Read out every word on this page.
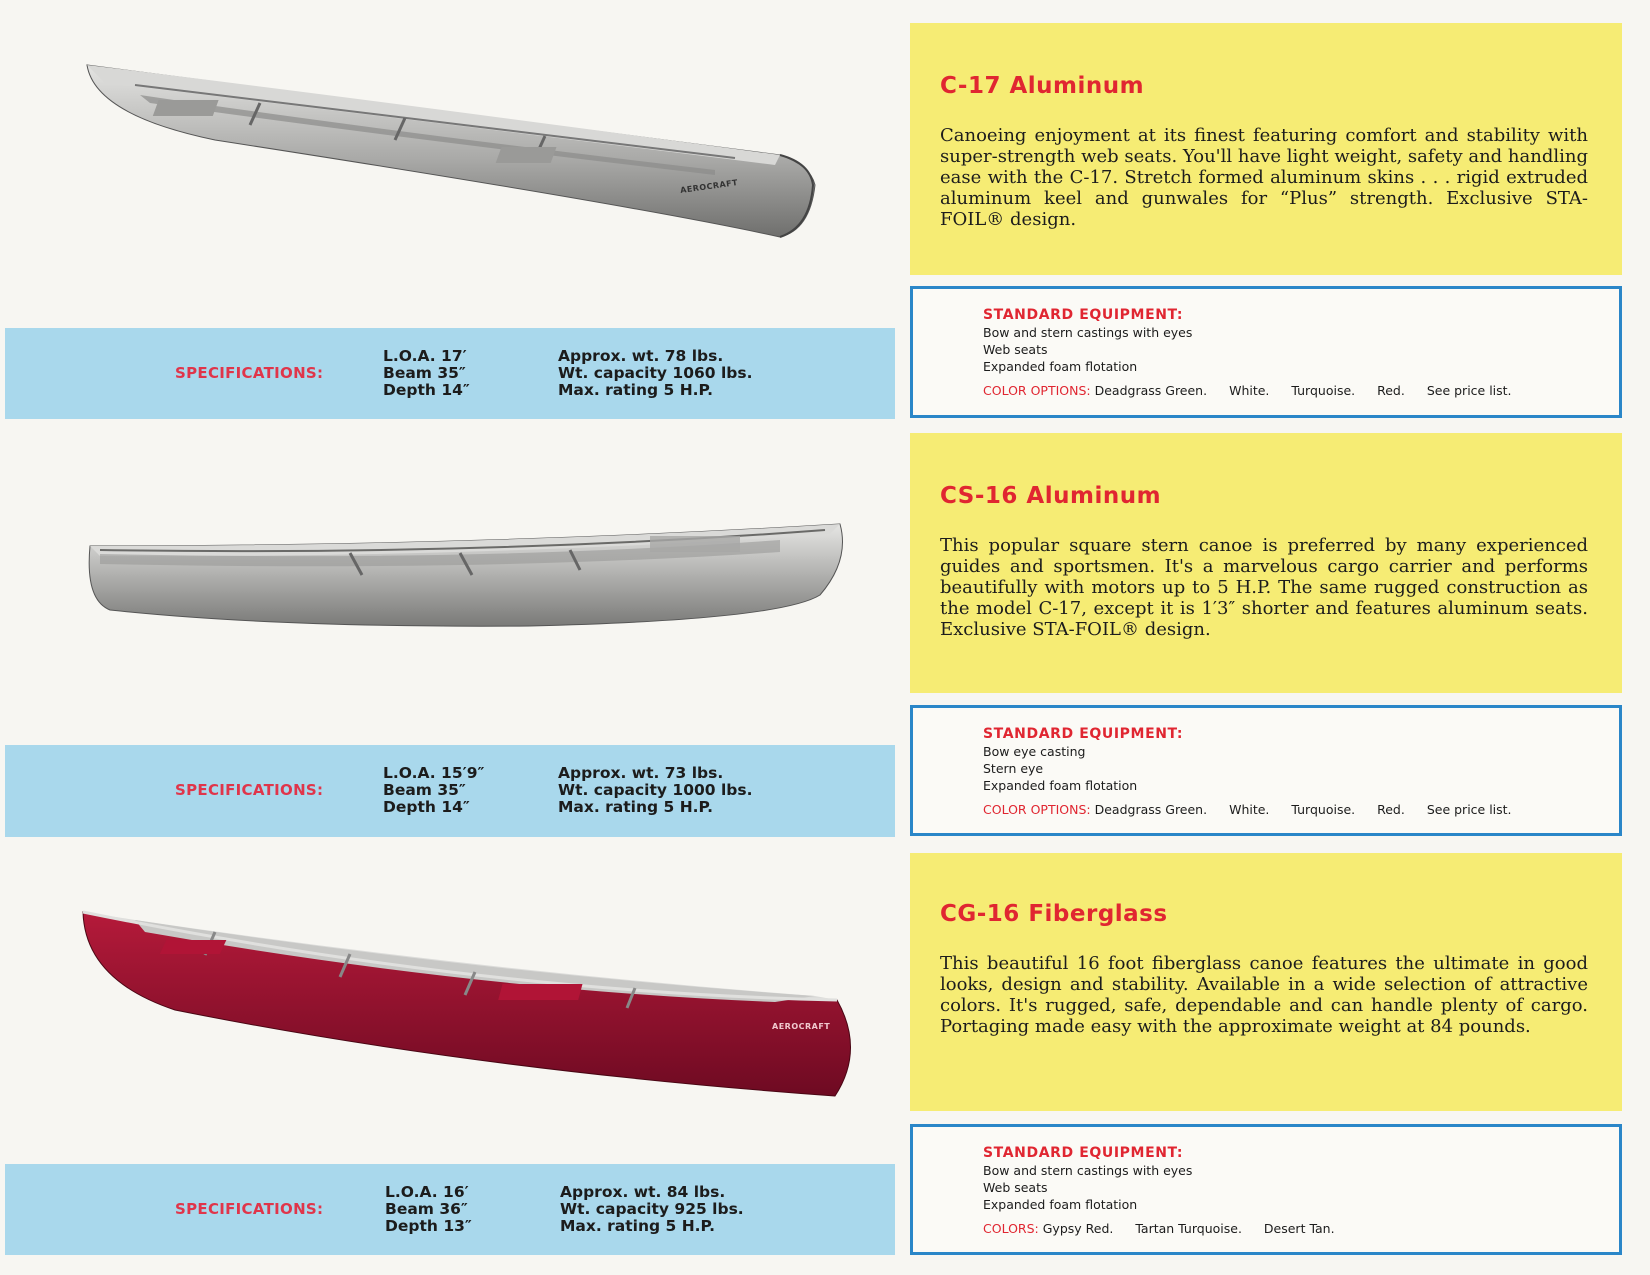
AEROCRAFT
SPECIFICATIONS:
L.O.A. 17′
Beam 35″
Depth 14″
Approx. wt. 78 lbs.
Wt. capacity 1060 lbs.
Max. rating 5 H.P.
C-17 Aluminum
Canoeing enjoyment at its finest featuring comfort and stability with super-strength web seats. You'll have light weight, safety and handling ease with the C-17. Stretch formed aluminum skins . . . rigid extruded aluminum keel and gunwales for “Plus” strength. Exclusive STA-FOIL® design.
STANDARD EQUIPMENT:
Bow and stern castings with eyes
Web seats
Expanded foam flotation
COLOR OPTIONS: Deadgrass Green. White. Turquoise. Red. See price list.
SPECIFICATIONS:
L.O.A. 15′9″
Beam 35″
Depth 14″
Approx. wt. 73 lbs.
Wt. capacity 1000 lbs.
Max. rating 5 H.P.
CS-16 Aluminum
This popular square stern canoe is preferred by many experienced guides and sportsmen. It's a marvelous cargo carrier and performs beautifully with motors up to 5 H.P. The same rugged construction as the model C-17, except it is 1′3″ shorter and features aluminum seats. Exclusive STA-FOIL® design.
STANDARD EQUIPMENT:
Bow eye casting
Stern eye
Expanded foam flotation
COLOR OPTIONS: Deadgrass Green. White. Turquoise. Red. See price list.
AEROCRAFT
SPECIFICATIONS:
L.O.A. 16′
Beam 36″
Depth 13″
Approx. wt. 84 lbs.
Wt. capacity 925 lbs.
Max. rating 5 H.P.
CG-16 Fiberglass
This beautiful 16 foot fiberglass canoe features the ultimate in good looks, design and stability. Available in a wide selection of attractive colors. It's rugged, safe, dependable and can handle plenty of cargo. Portaging made easy with the approximate weight at 84 pounds.
STANDARD EQUIPMENT:
Bow and stern castings with eyes
Web seats
Expanded foam flotation
COLORS: Gypsy Red. Tartan Turquoise. Desert Tan.
